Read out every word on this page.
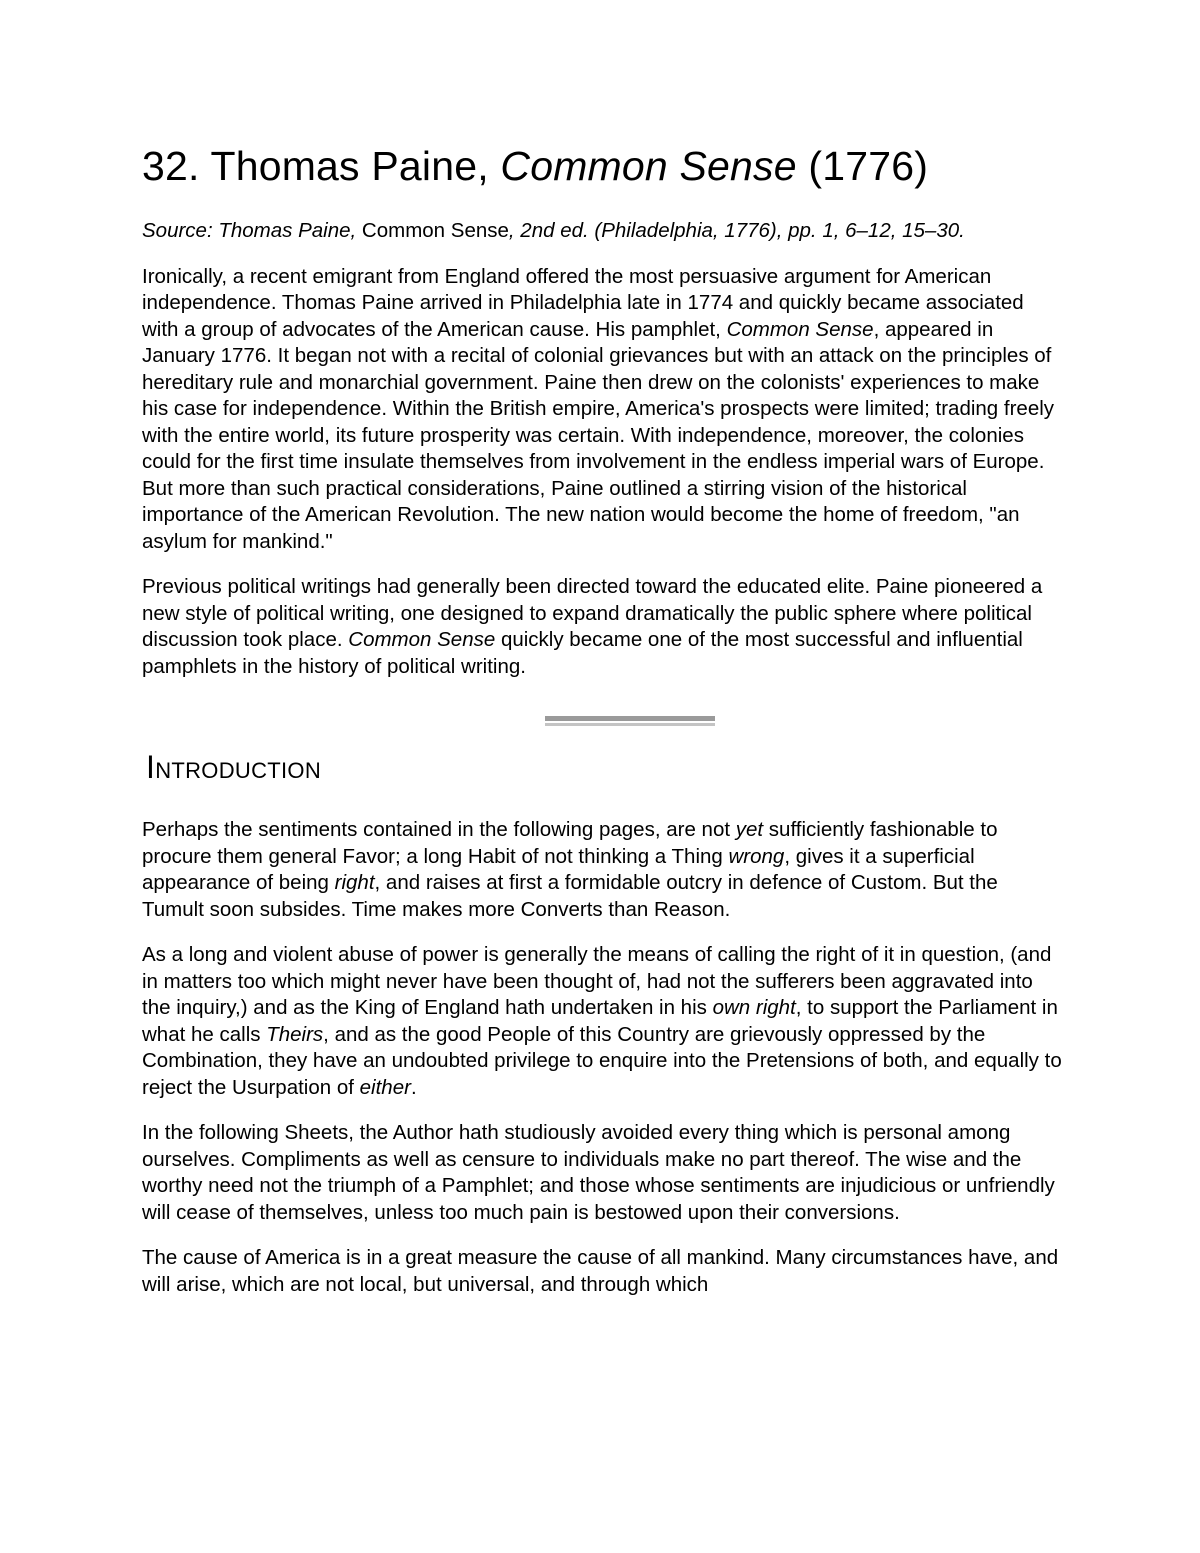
32. Thomas Paine, Common Sense (1776)

Source: Thomas Paine, Common Sense, 2nd ed. (Philadelphia, 1776), pp. 1, 6–12, 15–30.

Ironically, a recent emigrant from England offered the most persuasive argument for American independence. Thomas Paine arrived in Philadelphia late in 1774 and quickly became associated with a group of advocates of the American cause. His pamphlet, Common Sense, appeared in January 1776. It began not with a recital of colonial grievances but with an attack on the principles of hereditary rule and monarchial government. Paine then drew on the colonists' experiences to make his case for independence. Within the British empire, America's prospects were limited; trading freely with the entire world, its future prosperity was certain. With independence, moreover, the colonies could for the first time insulate themselves from involvement in the endless imperial wars of Europe. But more than such practical considerations, Paine outlined a stirring vision of the historical importance of the American Revolution. The new nation would become the home of freedom, "an asylum for mankind."

Previous political writings had generally been directed toward the educated elite. Paine pioneered a new style of political writing, one designed to expand dramatically the public sphere where political discussion took place. Common Sense quickly became one of the most successful and influential pamphlets in the history of political writing.

Introduction

Perhaps the sentiments contained in the following pages, are not yet sufficiently fashionable to procure them general Favor; a long Habit of not thinking a Thing wrong, gives it a superficial appearance of being right, and raises at first a formidable outcry in defence of Custom. But the Tumult soon subsides. Time makes more Converts than Reason.

As a long and violent abuse of power is generally the means of calling the right of it in question, (and in matters too which might never have been thought of, had not the sufferers been aggravated into the inquiry,) and as the King of England hath undertaken in his own right, to support the Parliament in what he calls Theirs, and as the good People of this Country are grievously oppressed by the Combination, they have an undoubted privilege to enquire into the Pretensions of both, and equally to reject the Usurpation of either.

In the following Sheets, the Author hath studiously avoided every thing which is personal among ourselves. Compliments as well as censure to individuals make no part thereof. The wise and the worthy need not the triumph of a Pamphlet; and those whose sentiments are injudicious or unfriendly will cease of themselves, unless too much pain is bestowed upon their conversions.

The cause of America is in a great measure the cause of all mankind. Many circumstances have, and will arise, which are not local, but universal, and through which
